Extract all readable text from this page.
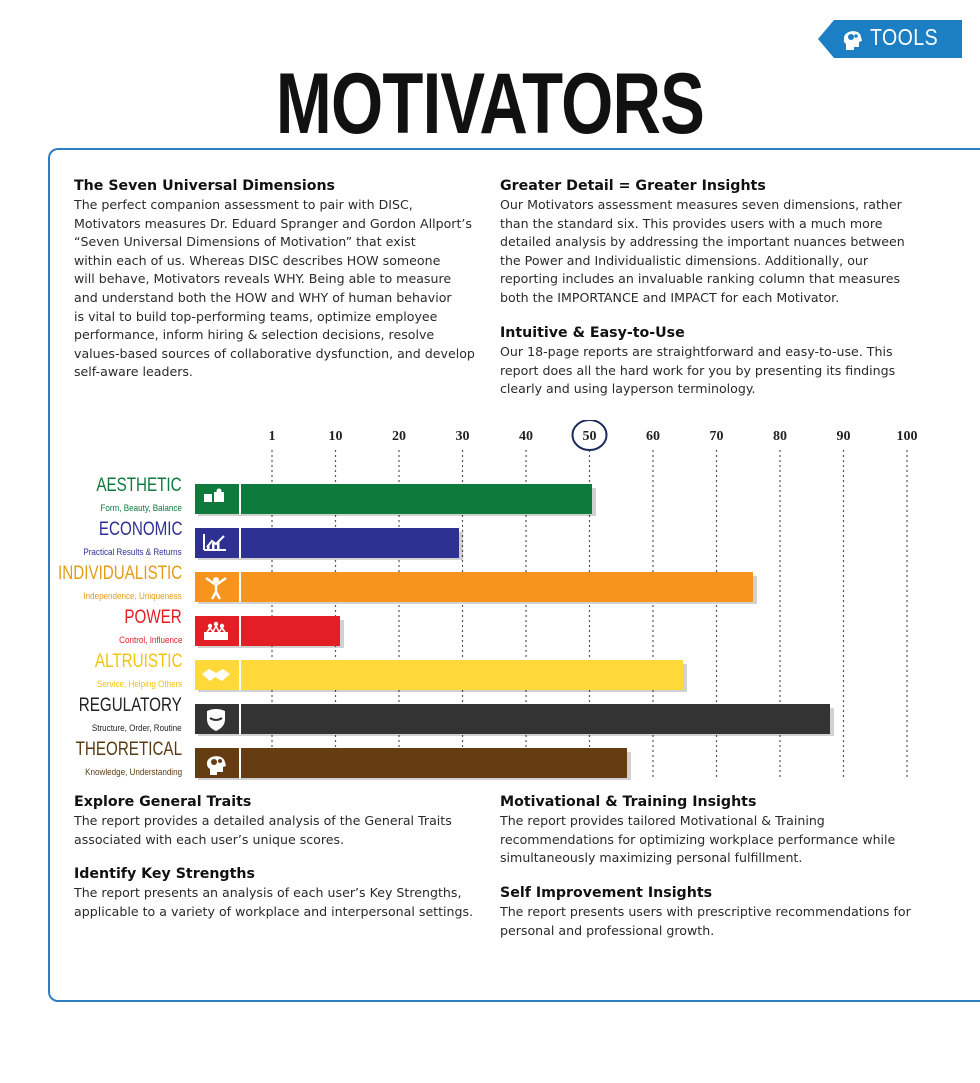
TOOLS
MOTIVATORS
The Seven Universal Dimensions

The perfect companion assessment to pair with DISC,
Motivators measures Dr. Eduard Spranger and Gordon Allport’s
“Seven Universal Dimensions of Motivation” that exist
within each of us. Whereas DISC describes HOW someone
will behave, Motivators reveals WHY. Being able to measure
and understand both the HOW and WHY of human behavior
is vital to build top-performing teams, optimize employee
performance, inform hiring & selection decisions, resolve
values-based sources of collaborative dysfunction, and develop
self-aware leaders.

Greater Detail = Greater Insights

Our Motivators assessment measures seven dimensions, rather
than the standard six. This provides users with a much more
detailed analysis by addressing the important nuances between
the Power and Individualistic dimensions. Additionally, our
reporting includes an invaluable ranking column that measures
both the IMPORTANCE and IMPACT for each Motivator.

Intuitive & Easy-to-Use

Our 18-page reports are straightforward and easy-to-use. This
report does all the hard work for you by presenting its findings
clearly and using layperson terminology.

1	10	20	30	40	50	60	70	80	90	100
AESTHETIC
Form, Beauty, Balance
ECONOMIC
Practical Results & Returns
INDIVIDUALISTIC
Independence, Uniqueness
POWER
Control, Influence
ALTRUISTIC
Service, Helping Others
REGULATORY
Structure, Order, Routine
THEORETICAL
Knowledge, Understanding
Explore General Traits

The report provides a detailed analysis of the General Traits
associated with each user’s unique scores.

Identify Key Strengths

The report presents an analysis of each user’s Key Strengths,
applicable to a variety of workplace and interpersonal settings.

Motivational & Training Insights

The report provides tailored Motivational & Training
recommendations for optimizing workplace performance while
simultaneously maximizing personal fulfillment.

Self Improvement Insights

The report presents users with prescriptive recommendations for
personal and professional growth.
